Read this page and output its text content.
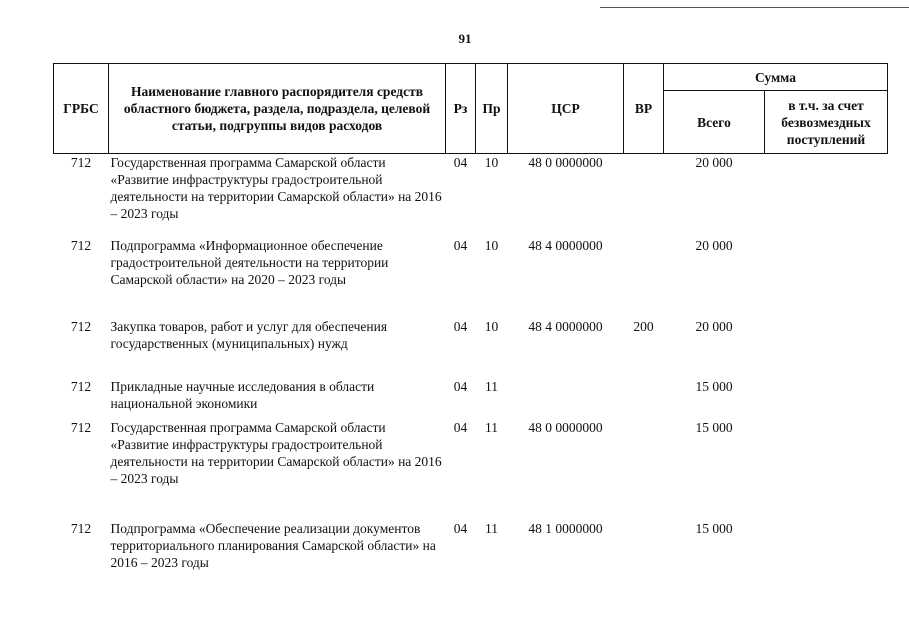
91
ГРБС	Наименование главного распорядителя средств областного бюджета, раздела, подраздела, целевой статьи, подгруппы видов расходов	Рз	Пр	ЦСР	ВР	Сумма	
						Всего	в т.ч. за счет безвозмездных поступлений
712	Государственная программа Самарской области «Развитие инфраструктуры градостроительной деятельности на территории Самарской области» на 2016 – 2023 годы	04	10	48 0 0000000		20 000	
712	Подпрограмма «Информационное обеспечение градостроительной деятельности на территории Самарской области» на 2020 – 2023 годы	04	10	48 4 0000000		20 000	
712	Закупка товаров, работ и услуг для обеспечения государственных (муниципальных) нужд	04	10	48 4 0000000	200	20 000	
712	Прикладные научные исследования в области национальной экономики	04	11			15 000	
712	Государственная программа Самарской области «Развитие инфраструктуры градостроительной деятельности на территории Самарской области» на 2016 – 2023 годы	04	11	48 0 0000000		15 000	
712	Подпрограмма «Обеспечение реализации документов территориального планирования Самарской области» на 2016 – 2023 годы	04	11	48 1 0000000		15 000	
